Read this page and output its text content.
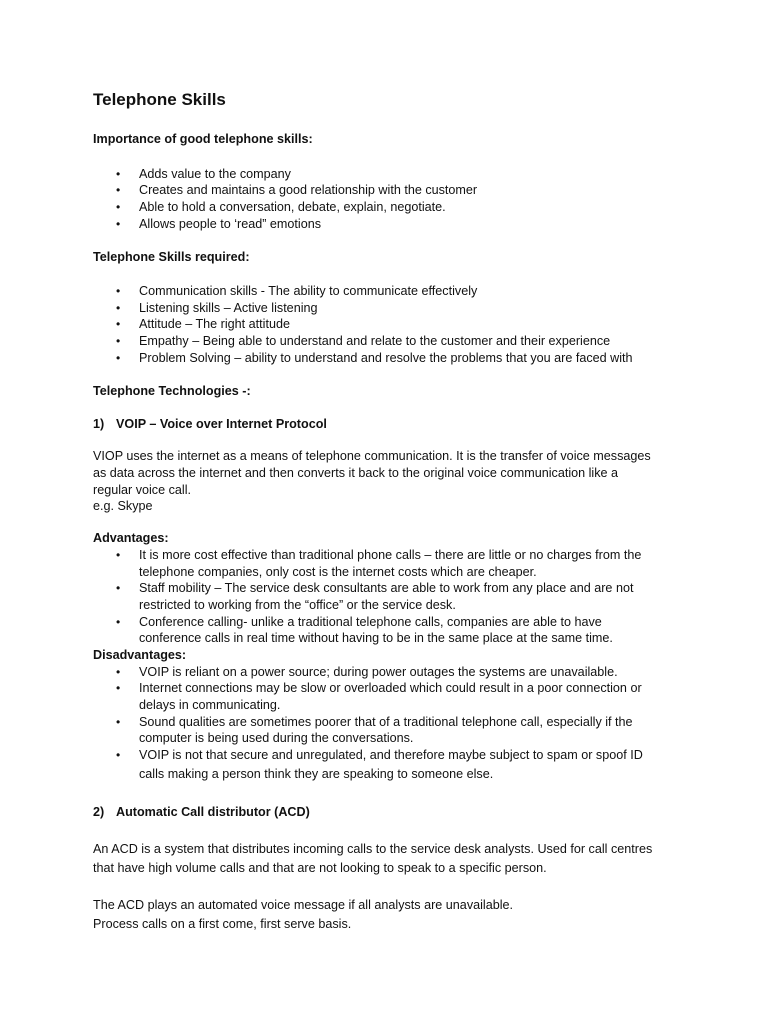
Telephone Skills
Importance of good telephone skills:
• Adds value to the company
• Creates and maintains a good relationship with the customer
• Able to hold a conversation, debate, explain, negotiate.
• Allows people to ‘read” emotions
Telephone Skills required:
• Communication skills - The ability to communicate effectively
• Listening skills – Active listening
• Attitude – The right attitude
• Empathy – Being able to understand and relate to the customer and their experience
• Problem Solving – ability to understand and resolve the problems that you are faced with
Telephone Technologies -:
1) VOIP – Voice over Internet Protocol
VIOP uses the internet as a means of telephone communication. It is the transfer of voice messages
as data across the internet and then converts it back to the original voice communication like a
regular voice call.
e.g. Skype
Advantages:
• It is more cost effective than traditional phone calls – there are little or no charges from the
telephone companies, only cost is the internet costs which are cheaper.
• Staff mobility – The service desk consultants are able to work from any place and are not
restricted to working from the “office” or the service desk.
• Conference calling- unlike a traditional telephone calls, companies are able to have
conference calls in real time without having to be in the same place at the same time.
Disadvantages:
• VOIP is reliant on a power source; during power outages the systems are unavailable.
• Internet connections may be slow or overloaded which could result in a poor connection or
delays in communicating.
• Sound qualities are sometimes poorer that of a traditional telephone call, especially if the
computer is being used during the conversations.
• VOIP is not that secure and unregulated, and therefore maybe subject to spam or spoof ID
calls making a person think they are speaking to someone else.
2) Automatic Call distributor (ACD)
An ACD is a system that distributes incoming calls to the service desk analysts. Used for call centres
that have high volume calls and that are not looking to speak to a specific person.
The ACD plays an automated voice message if all analysts are unavailable.
Process calls on a first come, first serve basis.
